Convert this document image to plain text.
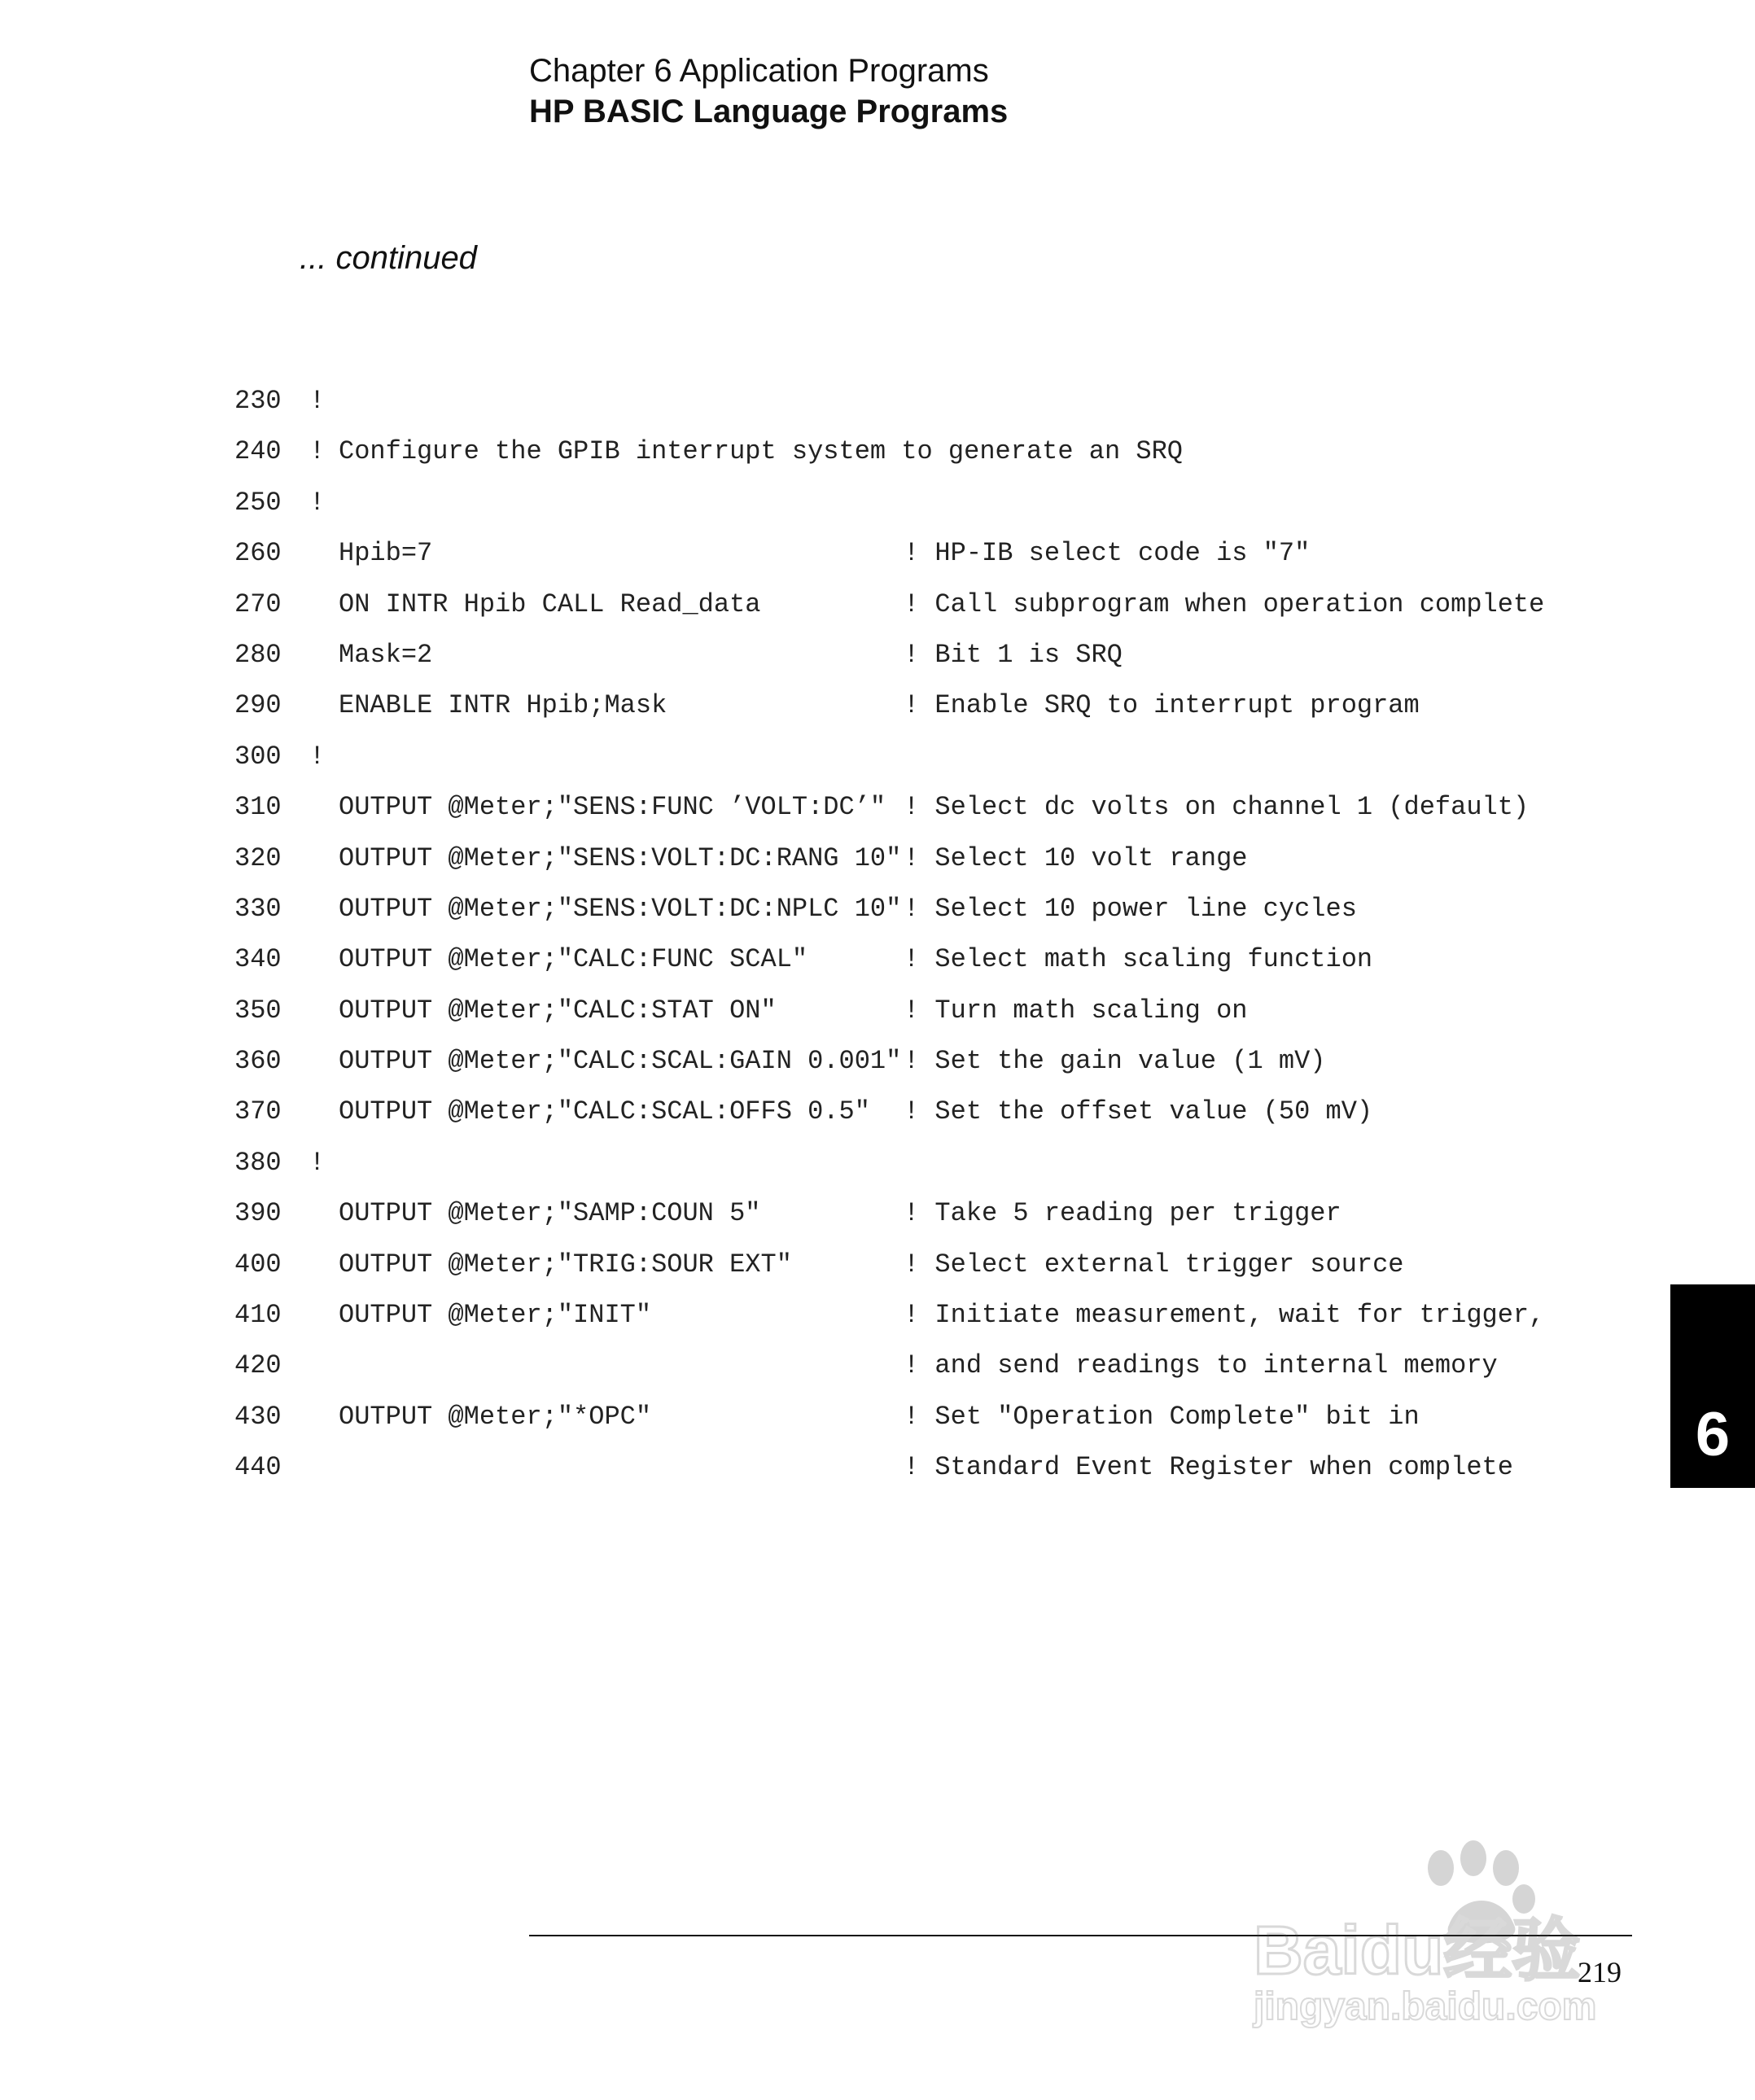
Chapter 6 Application Programs
HP BASIC Language Programs
... continued
230 !
240 ! Configure the GPIB interrupt system to generate an SRQ
250 !
260 Hpib=7	! HP-IB select code is "7"
270 ON INTR Hpib CALL Read_data	! Call subprogram when operation complete
280 Mask=2	! Bit 1 is SRQ
290 ENABLE INTR Hpib;Mask	! Enable SRQ to interrupt program
300 !
310 OUTPUT @Meter;"SENS:FUNC ’VOLT:DC’" ! Select dc volts on channel 1 (default)
320 OUTPUT @Meter;"SENS:VOLT:DC:RANG 10" ! Select 10 volt range
330 OUTPUT @Meter;"SENS:VOLT:DC:NPLC 10" ! Select 10 power line cycles
340 OUTPUT @Meter;"CALC:FUNC SCAL"	! Select math scaling function
350 OUTPUT @Meter;"CALC:STAT ON"	! Turn math scaling on
360 OUTPUT @Meter;"CALC:SCAL:GAIN 0.001" ! Set the gain value (1 mV)
370 OUTPUT @Meter;"CALC:SCAL:OFFS 0.5" ! Set the offset value (50 mV)
380 !
390 OUTPUT @Meter;"SAMP:COUN 5"	! Take 5 reading per trigger
400 OUTPUT @Meter;"TRIG:SOUR EXT"	! Select external trigger source
410 OUTPUT @Meter;"INIT"	! Initiate measurement, wait for trigger,
420	! and send readings to internal memory
430 OUTPUT @Meter;"*OPC"	! Set "Operation Complete" bit in
440	! Standard Event Register when complete	6
219
Baidu经验
jingyan.baidu.com
